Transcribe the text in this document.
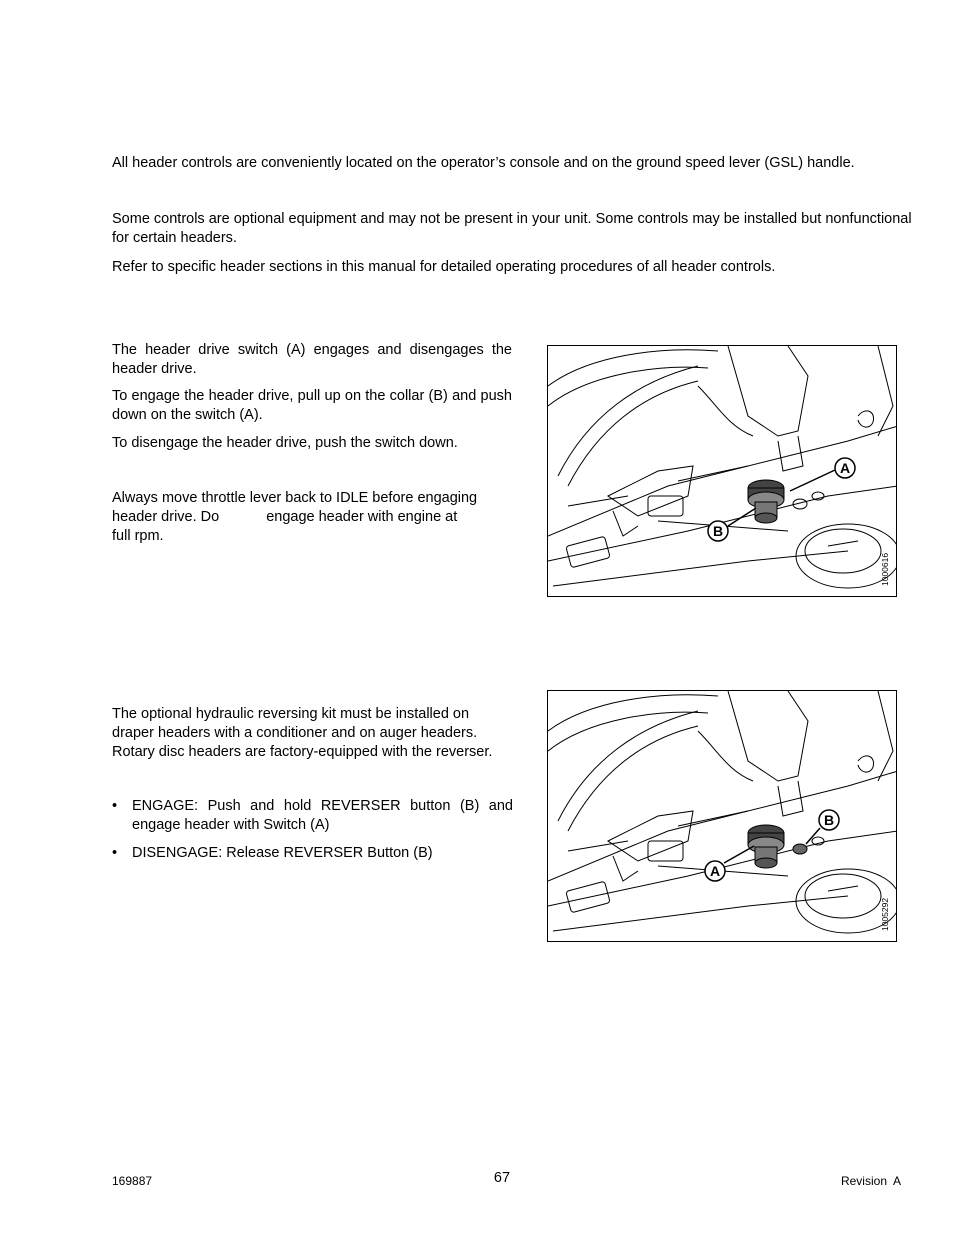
All header controls are conveniently located on the operator’s console and on the ground speed lever (GSL) handle.

Some controls are optional equipment and may not be present in your unit. Some controls may be installed but nonfunctional for certain headers.

Refer to specific header sections in this manual for detailed operating procedures of all header controls.

The header drive switch (A) engages and disengages the header drive.

To engage the header drive, pull up on the collar (B) and push down on the switch (A).

To disengage the header drive, push the switch down.

Always move throttle lever back to IDLE before engaging
header drive. Do	engage header with engine at
full rpm.
A
B
1000616

The optional hydraulic reversing kit must be installed on draper headers with a conditioner and on auger headers. Rotary disc headers are factory-equipped with the reverser.

• ENGAGE: Push and hold REVERSER button (B) and engage header with Switch (A)
• DISENGAGE: Release REVERSER Button (B)
A
B
1005292
169887	67	Revision  A
